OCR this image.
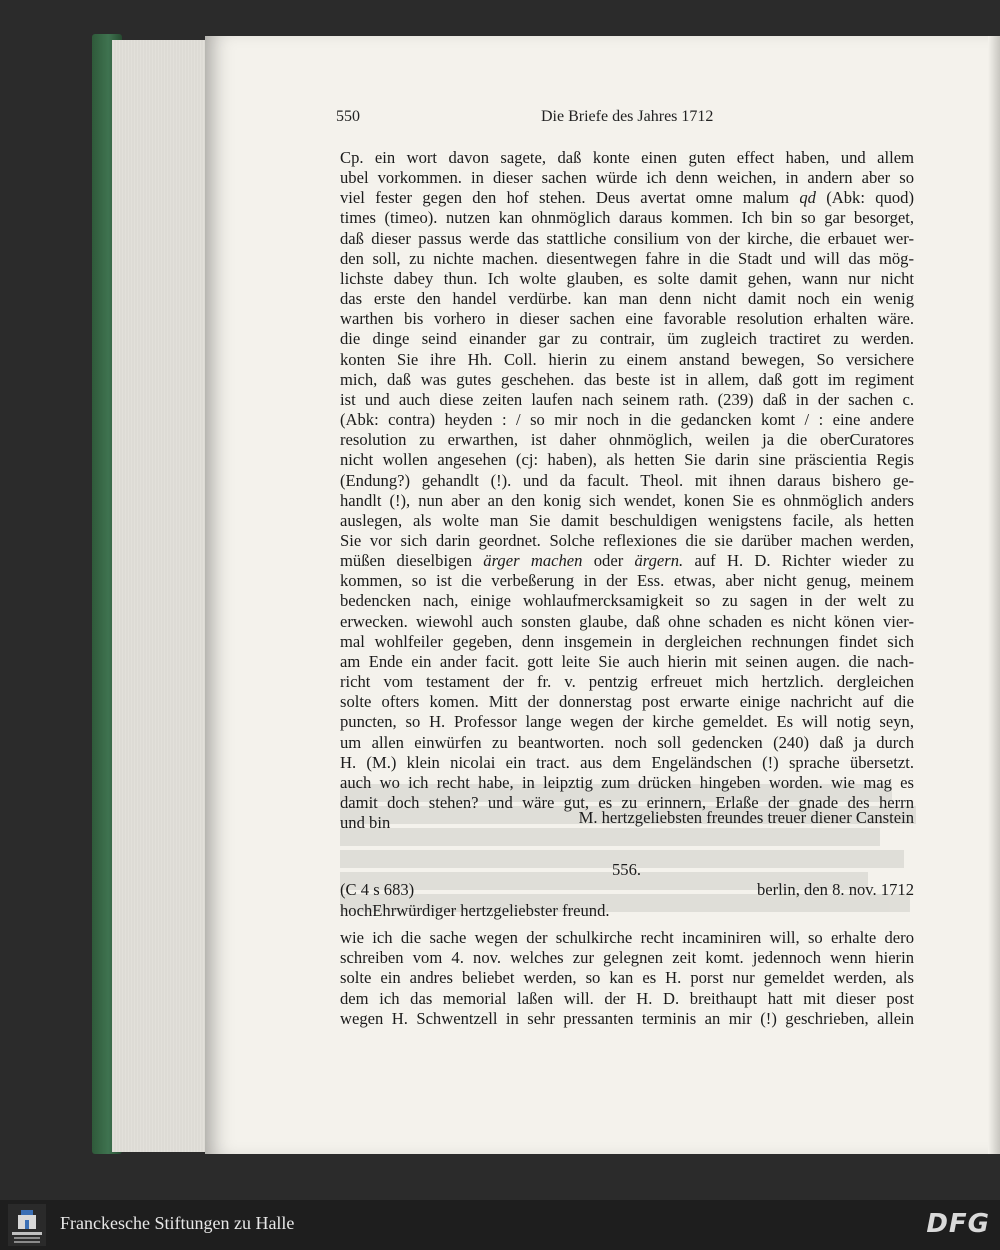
550	Die Briefe des Jahres 1712
Cp. ein wort davon sagete, daß konte einen guten effect haben, und allem
ubel vorkommen. in dieser sachen würde ich denn weichen, in andern aber so
viel fester gegen den hof stehen. Deus avertat omne malum qd (Abk: quod)
times (timeo). nutzen kan ohnmöglich daraus kommen. Ich bin so gar besorget,
daß dieser passus werde das stattliche consilium von der kirche, die erbauet wer-
den soll, zu nichte machen. diesentwegen fahre in die Stadt und will das mög-
lichste dabey thun. Ich wolte glauben, es solte damit gehen, wann nur nicht
das erste den handel verdürbe. kan man denn nicht damit noch ein wenig
warthen bis vorhero in dieser sachen eine favorable resolution erhalten wäre.
die dinge seind einander gar zu contrair, üm zugleich tractiret zu werden.
konten Sie ihre Hh. Coll. hierin zu einem anstand bewegen, So versichere
mich, daß was gutes geschehen. das beste ist in allem, daß gott im regiment
ist und auch diese zeiten laufen nach seinem rath. (239) daß in der sachen c.
(Abk: contra) heyden : / so mir noch in die gedancken komt / : eine andere
resolution zu erwarthen, ist daher ohnmöglich, weilen ja die oberCuratores
nicht wollen angesehen (cj: haben), als hetten Sie darin sine präscientia Regis
(Endung?) gehandlt (!). und da facult. Theol. mit ihnen daraus bishero ge-
handlt (!), nun aber an den konig sich wendet, konen Sie es ohnmöglich anders
auslegen, als wolte man Sie damit beschuldigen wenigstens facile, als hetten
Sie vor sich darin geordnet. Solche reflexiones die sie darüber machen werden,
müßen dieselbigen ärger machen oder ärgern. auf H. D. Richter wieder zu
kommen, so ist die verbeßerung in der Ess. etwas, aber nicht genug, meinem
bedencken nach, einige wohlaufmercksamigkeit so zu sagen in der welt zu
erwecken. wiewohl auch sonsten glaube, daß ohne schaden es nicht könen vier-
mal wohlfeiler gegeben, denn insgemein in dergleichen rechnungen findet sich
am Ende ein ander facit. gott leite Sie auch hierin mit seinen augen. die nach-
richt vom testament der fr. v. pentzig erfreuet mich hertzlich. dergleichen
solte ofters komen. Mitt der donnerstag post erwarte einige nachricht auf die
puncten, so H. Professor lange wegen der kirche gemeldet. Es will notig seyn,
um allen einwürfen zu beantworten. noch soll gedencken (240) daß ja durch
H. (M.) klein nicolai ein tract. aus dem Engeländschen (!) sprache übersetzt.
auch wo ich recht habe, in leipztig zum drücken hingeben worden. wie mag es
damit doch stehen? und wäre gut, es zu erinnern, Erlaße der gnade des herrn
und bin	M. hertzgeliebsten freundes treuer diener Canstein
556.
(C 4 s 683)	berlin, den 8. nov. 1712
hochEhrwürdiger hertzgeliebster freund.
wie ich die sache wegen der schulkirche recht incaminiren will, so erhalte dero
schreiben vom 4. nov. welches zur gelegnen zeit komt. jedennoch wenn hierin
solte ein andres beliebet werden, so kan es H. porst nur gemeldet werden, als
dem ich das memorial laßen will. der H. D. breithaupt hatt mit dieser post
wegen H. Schwentzell in sehr pressanten terminis an mir (!) geschrieben, allein
Franckesche Stiftungen zu Halle	DFG
